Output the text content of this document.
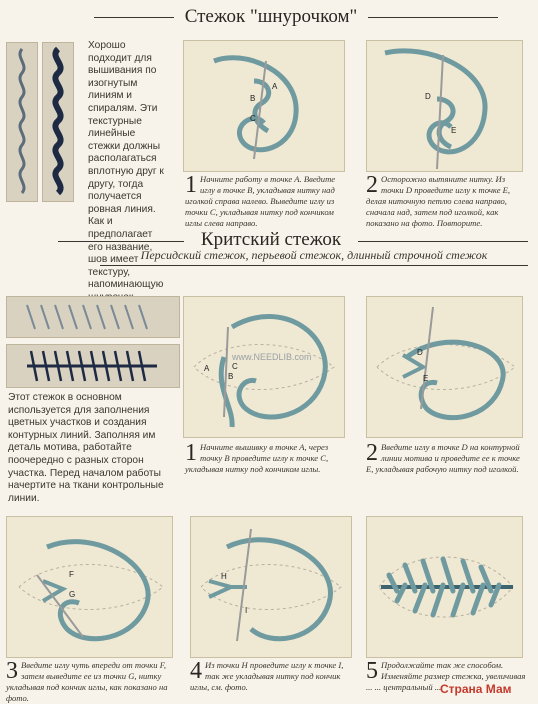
Стежок "шнурочком"
Хорошо подходит для вышивания по изогнутым линиям и спиралям. Эти текстурные линейные стежки должны располагаться вплотную друг к другу, тогда получается ровная линия. Как и предполагает его название, шов имеет текстуру, напоминающую
A
B
C
1 Начните работу в точке А. Введите иглу в точке В, укладывая нитку над иголкой справа налево. Выведите иглу из точки С, укладывая нитку под кончиком иглы слева направо.
D
E
2 Осторожно вытяните нитку. Из точки D проведите иглу к точке E, делая ниточную петлю слева направо, сначала над, затем под иголкой, как показано на фото. Повторите.
Критский стежок
Персидский стежок, перьевой стежок, длинный строчной стежок
Этот стежок в основном используется для заполнения цветных участков и создания контурных линий. Заполняя им деталь мотива, работайте поочередно с разных сторон участка. Перед началом работы начертите на ткани контрольные линии.
A
B
C
1 Начните вышивку в точке А, через точку В проведите иглу к точке С, укладывая нитку под кончиком иглы.
www.NEEDLIB.com	D
E
2 Введите иглу в точке D на контурной линии мотива и проведите ее к точке E, укладывая рабочую нитку под иголкой.
F
G
3 Введите иглу чуть впереди от точки F, затем выведите ее из точки G, нитку укладывая под кончик иглы, как показано на фото.
H
I
4 Из точки H проведите иглу к точке I, так же укладывая нитку под кончик иглы, см. фото.
5 Продолжайте так же способом. Изменяйте размер стежка, увеличивая ... ... центральный ...
Страна Мам
